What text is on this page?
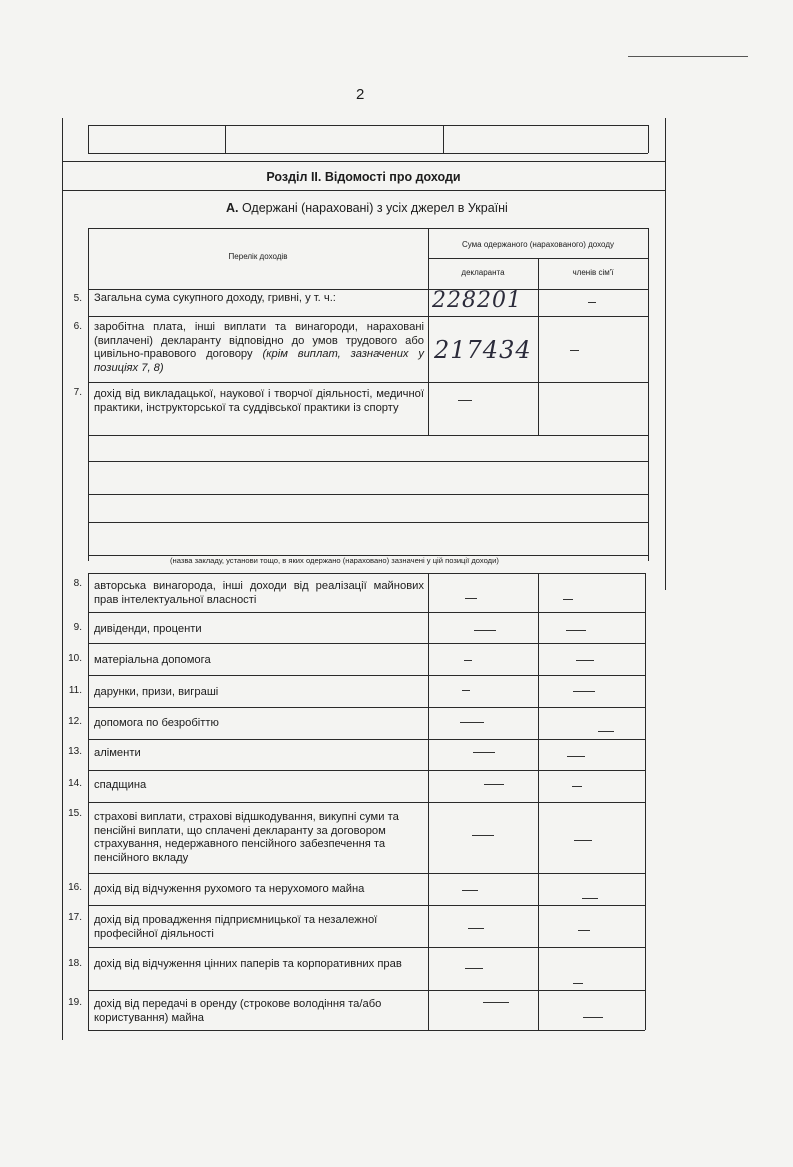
2
Розділ ІІ. Відомості про доходи
А. Одержані (нараховані) з усіх джерел в Україні
Перелік доходів
Сума одержаного (нарахованого) доходу
декларанта	членів сім'ї
5. Загальна сума сукупного доходу, гривні, у т. ч.:	228201
6. заробітна плата, інші виплати та винагороди, нараховані (виплачені) декларанту відповідно до умов трудового або цивільно-правового договору (крім виплат, зазначених у позиціях 7, 8)
217434
7. дохід від викладацької, наукової і творчої діяльності, медичної практики, інструкторської та суддівської практики із спорту
(назва закладу, установи тощо, в яких одержано (нараховано) зазначені у цій позиції доходи)
8. авторська винагорода, інші доходи від реалізації майнових прав інтелектуальної власності
9. дивіденди, проценти
10. матеріальна допомога
11. дарунки, призи, виграші
12. допомога по безробіттю
13. аліменти
14. спадщина
15. страхові виплати, страхові відшкодування, викупні суми та пенсійні виплати, що сплачені декларанту за договором страхування, недержавного пенсійного забезпечення та пенсійного вкладу
16. дохід від відчуження рухомого та нерухомого майна
17. дохід від провадження підприємницької та незалежної професійної діяльності
18. дохід від відчуження цінних паперів та корпоративних прав
19. дохід від передачі в оренду (строкове володіння та/або користування) майна
